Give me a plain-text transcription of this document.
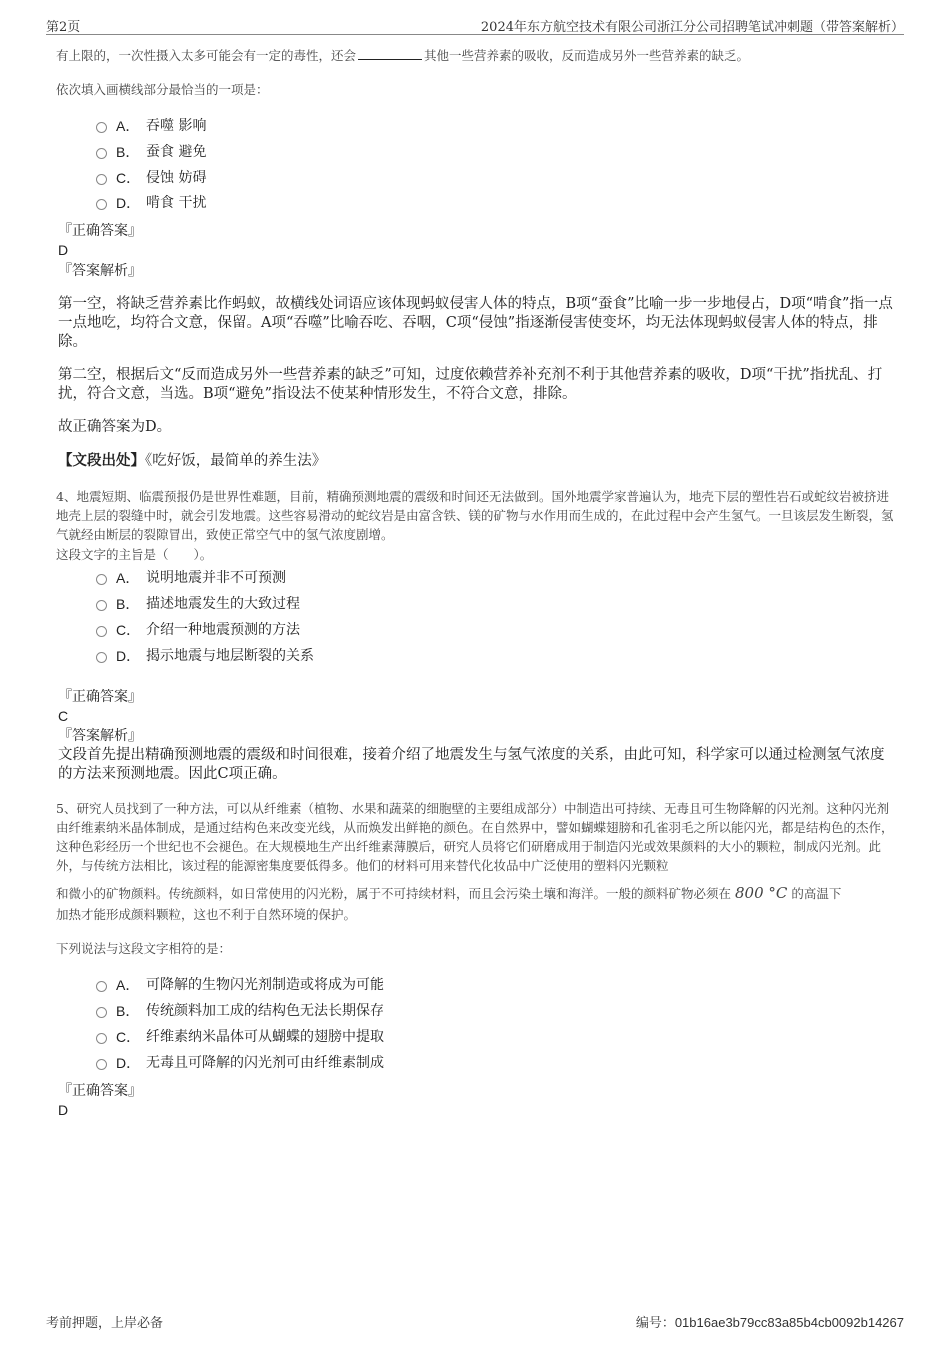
第2页	2024年东方航空技术有限公司浙江分公司招聘笔试冲刺题（带答案解析）
有上限的，一次性摄入太多可能会有一定的毒性，还会	其他一些营养素的吸收，反而造成另外一些营养素的缺乏。
依次填入画横线部分最恰当的一项是：
A． 吞噬 影响
B． 蚕食 避免
C． 侵蚀 妨碍
D． 啃食 干扰
『正确答案』
D
『答案解析』
第一空，将缺乏营养素比作蚂蚁，故横线处词语应该体现蚂蚁侵害人体的特点，B项“蚕食”比喻一步一步地侵占，D项“啃食”指一点一点地吃，均符合文意，保留。A项“吞噬”比喻吞吃、吞咽，C项“侵蚀”指逐渐侵害使变坏，均无法体现蚂蚁侵害人体的特点，排除。
第二空，根据后文“反而造成另外一些营养素的缺乏”可知，过度依赖营养补充剂不利于其他营养素的吸收，D项“干扰”指扰乱、打扰，符合文意，当选。B项“避免”指设法不使某种情形发生，不符合文意，排除。
故正确答案为D。
【文段出处】《吃好饭，最简单的养生法》
4、地震短期、临震预报仍是世界性难题，目前，精确预测地震的震级和时间还无法做到。国外地震学家普遍认为，地壳下层的塑性岩石或蛇纹岩被挤进地壳上层的裂缝中时，就会引发地震。这些容易滑动的蛇纹岩是由富含铁、镁的矿物与水作用而生成的，在此过程中会产生氢气。一旦该层发生断裂，氢气就经由断层的裂隙冒出，致使正常空气中的氢气浓度剧增。
这段文字的主旨是（　　）。
A． 说明地震并非不可预测
B． 描述地震发生的大致过程
C． 介绍一种地震预测的方法
D． 揭示地震与地层断裂的关系
『正确答案』
C
『答案解析』
文段首先提出精确预测地震的震级和时间很难，接着介绍了地震发生与氢气浓度的关系，由此可知，科学家可以通过检测氢气浓度的方法来预测地震。因此C项正确。
5、研究人员找到了一种方法，可以从纤维素（植物、水果和蔬菜的细胞壁的主要组成部分）中制造出可持续、无毒且可生物降解的闪光剂。这种闪光剂由纤维素纳米晶体制成，是通过结构色来改变光线，从而焕发出鲜艳的颜色。在自然界中，譬如蝴蝶翅膀和孔雀羽毛之所以能闪光，都是结构色的杰作，这种色彩经历一个世纪也不会褪色。在大规模地生产出纤维素薄膜后，研究人员将它们研磨成用于制造闪光或效果颜料的大小的颗粒，制成闪光剂。此外，与传统方法相比，该过程的能源密集度要低得多。他们的材料可用来替代化妆品中广泛使用的塑料闪光颗粒
和微小的矿物颜料。传统颜料，如日常使用的闪光粉，属于不可持续材料，而且会污染土壤和海洋。一般的颜料矿物必须在 800 °C 的高温下
加热才能形成颜料颗粒，这也不利于自然环境的保护。
下列说法与这段文字相符的是：
A． 可降解的生物闪光剂制造或将成为可能
B． 传统颜料加工成的结构色无法长期保存
C． 纤维素纳米晶体可从蝴蝶的翅膀中提取
D． 无毒且可降解的闪光剂可由纤维素制成
『正确答案』
D
考前押题，上岸必备	编号：01b16ae3b79cc83a85b4cb0092b14267
